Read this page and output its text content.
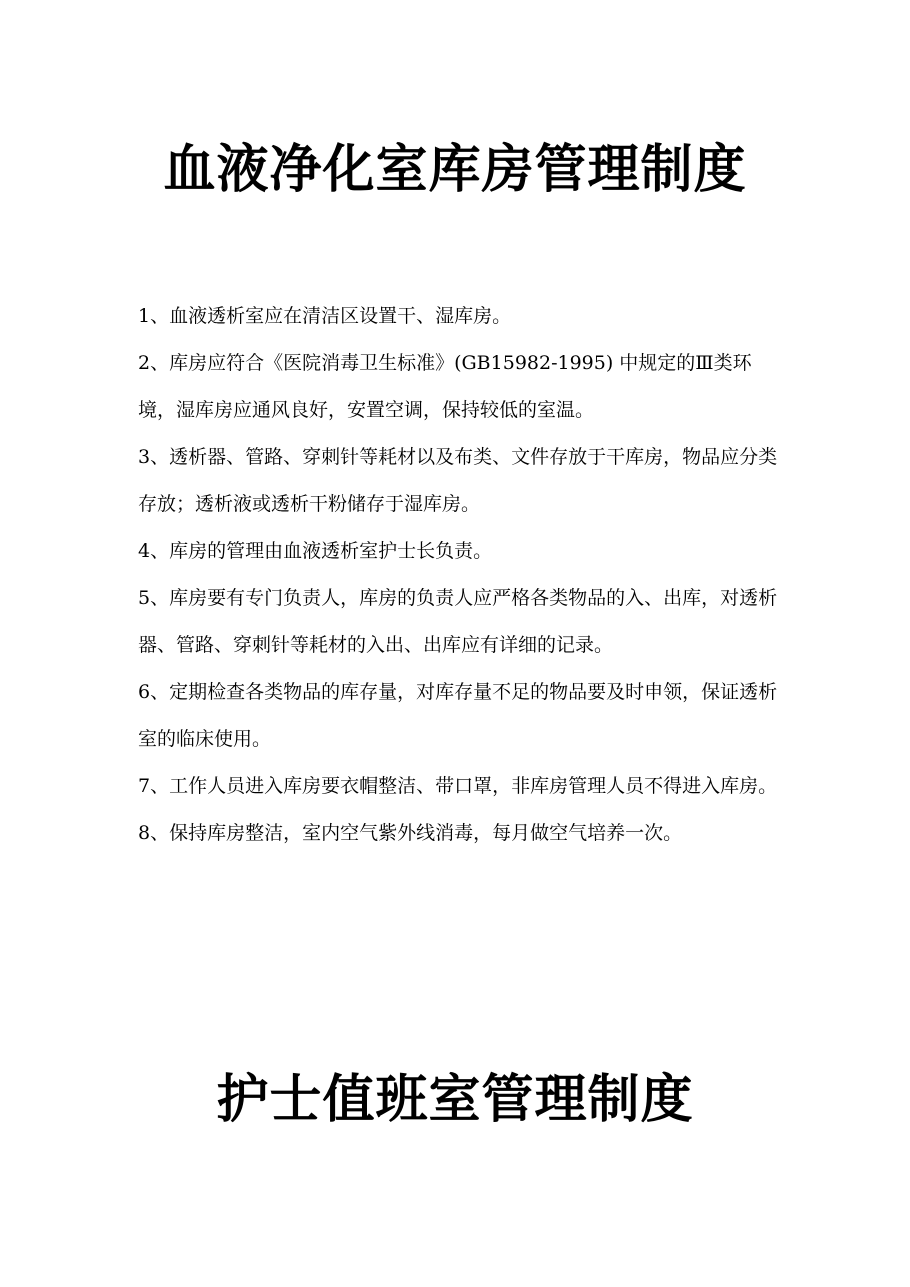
血液净化室库房管理制度
1、血液透析室应在清洁区设置干、湿库房。
2、库房应符合《医院消毒卫生标准》(GB15982-1995) 中规定的Ⅲ类环境，湿库房应通风良好，安置空调，保持较低的室温。
3、透析器、管路、穿刺针等耗材以及布类、文件存放于干库房，物品应分类存放；透析液或透析干粉储存于湿库房。
4、库房的管理由血液透析室护士长负责。
5、库房要有专门负责人，库房的负责人应严格各类物品的入、出库，对透析器、管路、穿刺针等耗材的入出、出库应有详细的记录。
6、定期检查各类物品的库存量，对库存量不足的物品要及时申领，保证透析室的临床使用。
7、工作人员进入库房要衣帽整洁、带口罩，非库房管理人员不得进入库房。
8、保持库房整洁，室内空气紫外线消毒，每月做空气培养一次。
护士值班室管理制度
